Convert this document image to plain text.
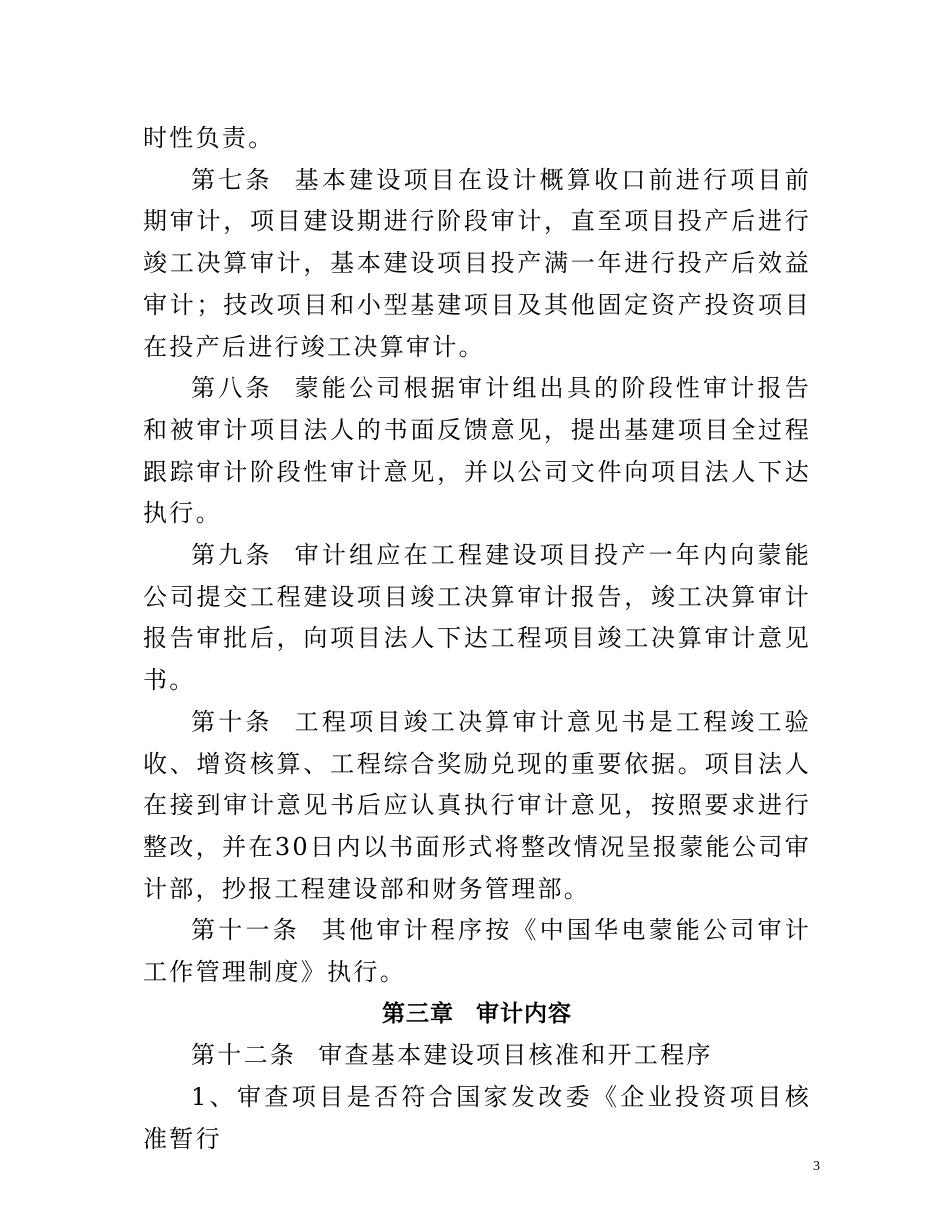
时性负责。

第七条 基本建设项目在设计概算收口前进行项目前期审计，项目建设期进行阶段审计，直至项目投产后进行竣工决算审计，基本建设项目投产满一年进行投产后效益审计；技改项目和小型基建项目及其他固定资产投资项目在投产后进行竣工决算审计。

第八条 蒙能公司根据审计组出具的阶段性审计报告和被审计项目法人的书面反馈意见，提出基建项目全过程跟踪审计阶段性审计意见，并以公司文件向项目法人下达执行。

第九条 审计组应在工程建设项目投产一年内向蒙能公司提交工程建设项目竣工决算审计报告，竣工决算审计报告审批后，向项目法人下达工程项目竣工决算审计意见书。

第十条 工程项目竣工决算审计意见书是工程竣工验收、增资核算、工程综合奖励兑现的重要依据。项目法人在接到审计意见书后应认真执行审计意见，按照要求进行整改，并在30日内以书面形式将整改情况呈报蒙能公司审计部，抄报工程建设部和财务管理部。

第十一条 其他审计程序按《中国华电蒙能公司审计工作管理制度》执行。

第三章 审计内容

第十二条 审查基本建设项目核准和开工程序

1、审查项目是否符合国家发改委《企业投资项目核准暂行

3
